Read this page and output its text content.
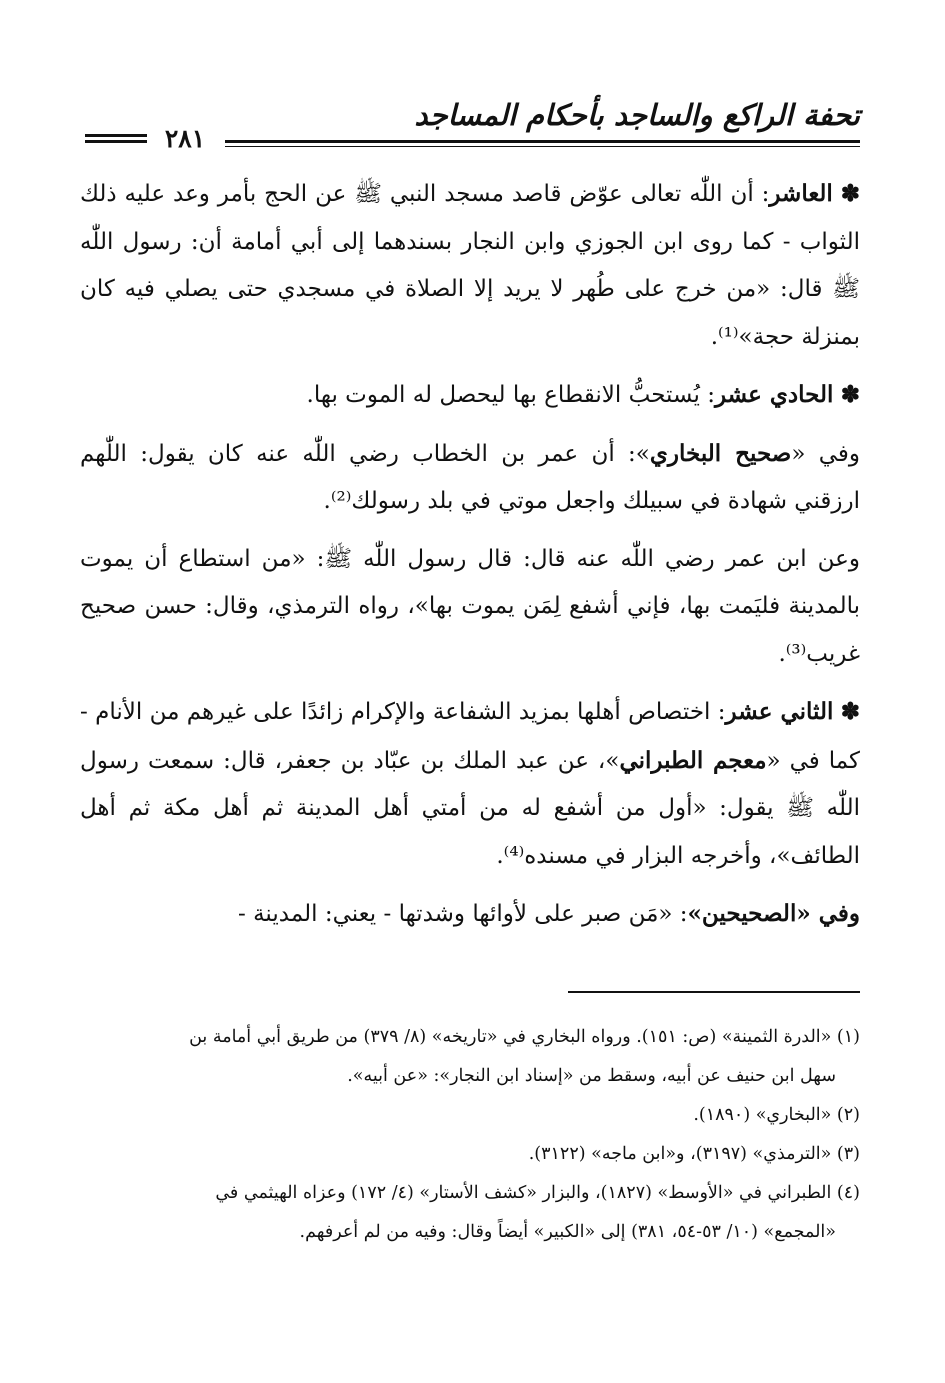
تحفة الراكع والساجد بأحكام المساجد
٢٨١

✽ العاشر: أن اللّٰه تعالى عوّض قاصد مسجد النبي ﷺ عن الحج بأمر وعد عليه ذلك الثواب - كما روى ابن الجوزي وابن النجار بسندهما إلى أبي أمامة أن: رسول اللّٰه ﷺ قال: «من خرج على طُهر لا يريد إلا الصلاة في مسجدي حتى يصلي فيه كان بمنزلة حجة»⁽¹⁾.

✽ الحادي عشر: يُستحبُّ الانقطاع بها ليحصل له الموت بها.

وفي «صحيح البخاري»: أن عمر بن الخطاب رضي اللّٰه عنه كان يقول: اللّٰهم ارزقني شهادة في سبيلك واجعل موتي في بلد رسولك⁽²⁾.

وعن ابن عمر رضي اللّٰه عنه قال: قال رسول اللّٰه ﷺ: «من استطاع أن يموت بالمدينة فليَمت بها، فإني أشفع لِمَن يموت بها»، رواه الترمذي، وقال: حسن صحيح غريب⁽³⁾.

✽ الثاني عشر: اختصاص أهلها بمزيد الشفاعة والإكرام زائدًا على غيرهم من الأنام - كما في «معجم الطبراني»، عن عبد الملك بن عبّاد بن جعفر، قال: سمعت رسول اللّٰه ﷺ يقول: «أول من أشفع له من أمتي أهل المدينة ثم أهل مكة ثم أهل الطائف»، وأخرجه البزار في مسنده⁽⁴⁾.

وفي «الصحيحين»: «مَن صبر على لأوائها وشدتها - يعني: المدينة -

(١) «الدرة الثمينة» (ص: ١٥١). ورواه البخاري في «تاريخه» (٨/ ٣٧٩) من طريق أبي أمامة بن

سهل ابن حنيف عن أبيه، وسقط من «إسناد ابن النجار»: «عن أبيه».

(٢) «البخاري» (١٨٩٠).

(٣) «الترمذي» (٣١٩٧)، و«ابن ماجه» (٣١٢٢).

(٤) الطبراني في «الأوسط» (١٨٢٧)، والبزار «كشف الأستار» (٤/ ١٧٢) وعزاه الهيثمي في

«المجمع» (١٠/ ٥٣-٥٤، ٣٨١) إلى «الكبير» أيضاً وقال: وفيه من لم أعرفهم.
